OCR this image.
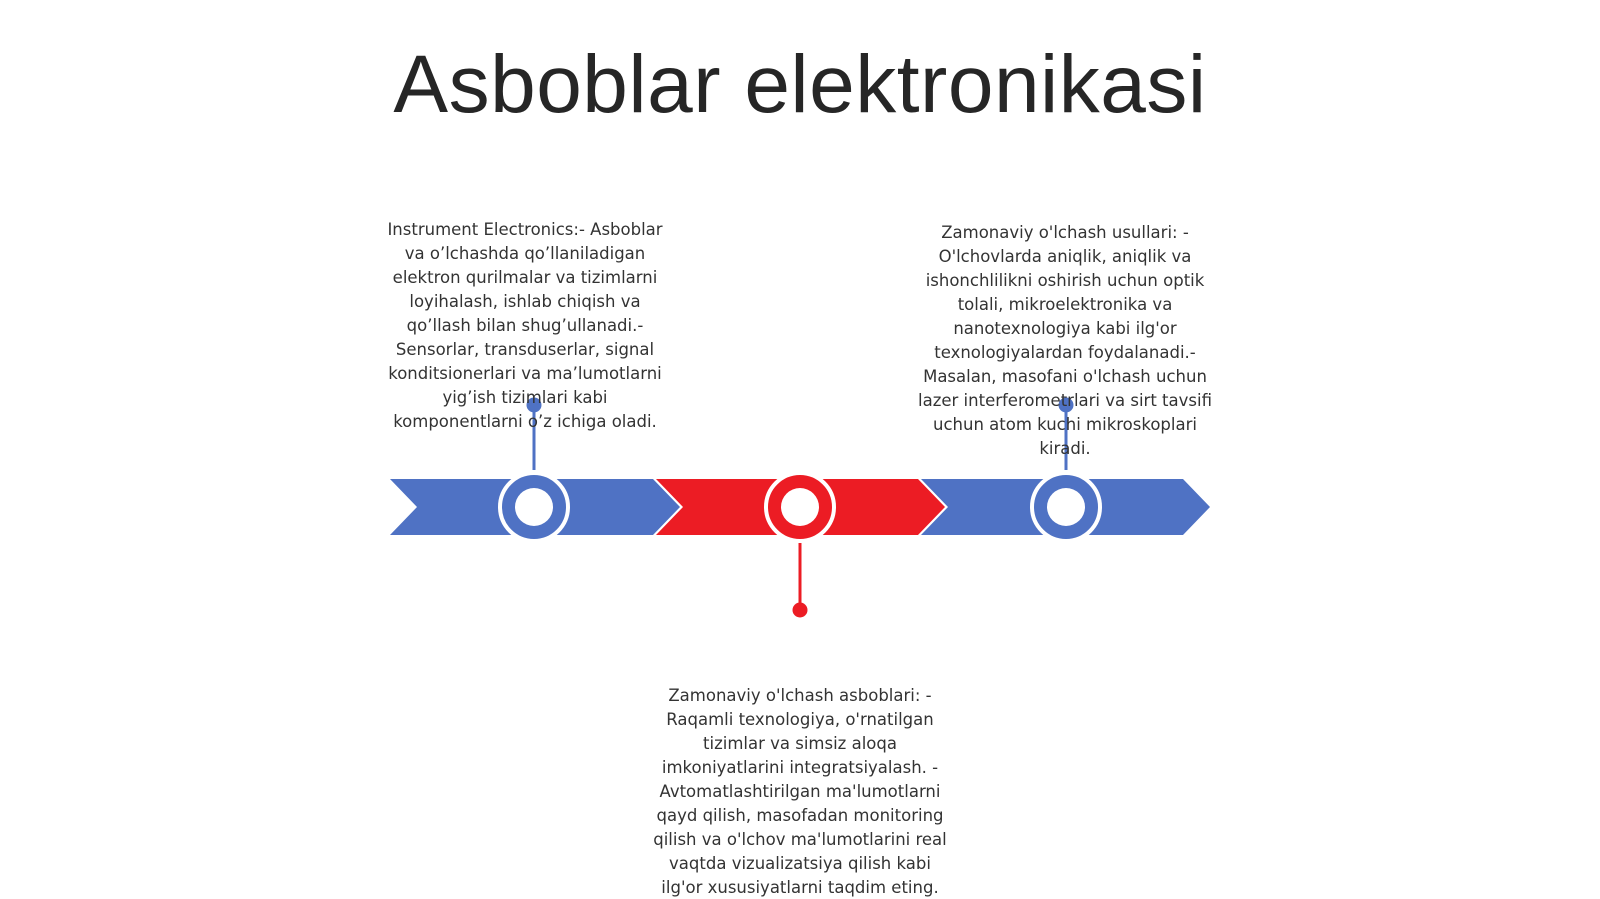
Asboblar elektronikasi
Instrument Electronics:- Asboblar va o’lchashda qo’llaniladigan elektron qurilmalar va tizimlarni loyihalash, ishlab chiqish va qo’llash bilan shug’ullanadi.- Sensorlar, transduserlar, signal konditsionerlari va ma’lumotlarni yig’ish tizimlari kabi komponentlarni o’z ichiga oladi.
Zamonaviy o'lchash usullari: - O'lchovlarda aniqlik, aniqlik va ishonchlilikni oshirish uchun optik tolali, mikroelektronika va nanotexnologiya kabi ilg'or texnologiyalardan foydalanadi.- Masalan, masofani o'lchash uchun lazer interferometrlari va sirt tavsifi uchun atom kuchi mikroskoplari kiradi.
Zamonaviy o'lchash asboblari: - Raqamli texnologiya, o'rnatilgan tizimlar va simsiz aloqa imkoniyatlarini integratsiyalash. - Avtomatlashtirilgan ma'lumotlarni qayd qilish, masofadan monitoring qilish va o'lchov ma'lumotlarini real vaqtda vizualizatsiya qilish kabi ilg'or xususiyatlarni taqdim eting.
